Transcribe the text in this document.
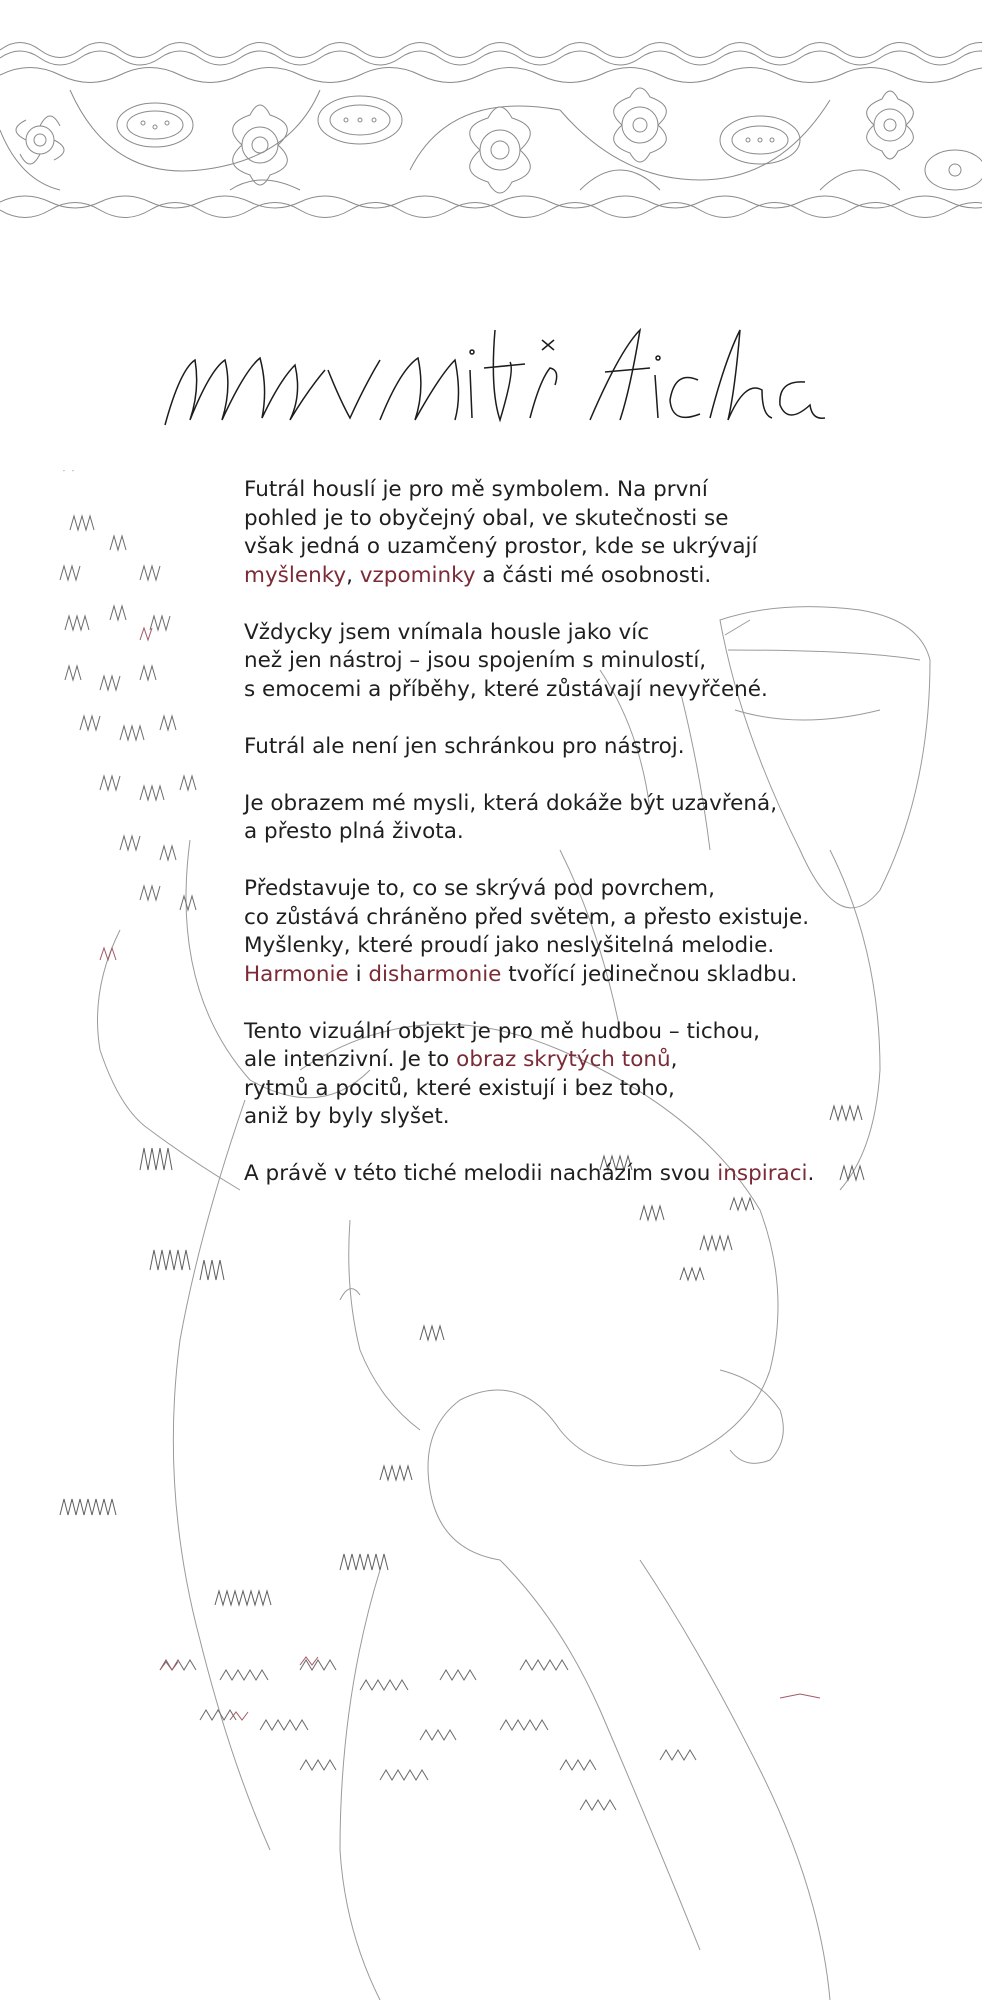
Futrál houslí je pro mě symbolem. Na první
pohled je to obyčejný obal, ve skutečnosti se
však jedná o uzamčený prostor, kde se ukrývají
myšlenky, vzpominky a části mé osobnosti.

Vždycky jsem vnímala housle jako víc
než jen nástroj – jsou spojením s minulostí,
s emocemi a příběhy, které zůstávají nevyřčené.

Futrál ale není jen schránkou pro nástroj.

Je obrazem mé mysli, která dokáže být uzavřená,
a přesto plná života.

Představuje to, co se skrývá pod povrchem,
co zůstává chráněno před světem, a přesto existuje.
Myšlenky, které proudí jako neslyšitelná melodie.
Harmonie i disharmonie tvořící jedinečnou skladbu.

Tento vizuální objekt je pro mě hudbou – tichou,
ale intenzivní. Je to obraz skrytých tonů,
rytmů a pocitů, které existují i bez toho,
aniž by byly slyšet.

A právě v této tiché melodii nacházím svou inspiraci.
